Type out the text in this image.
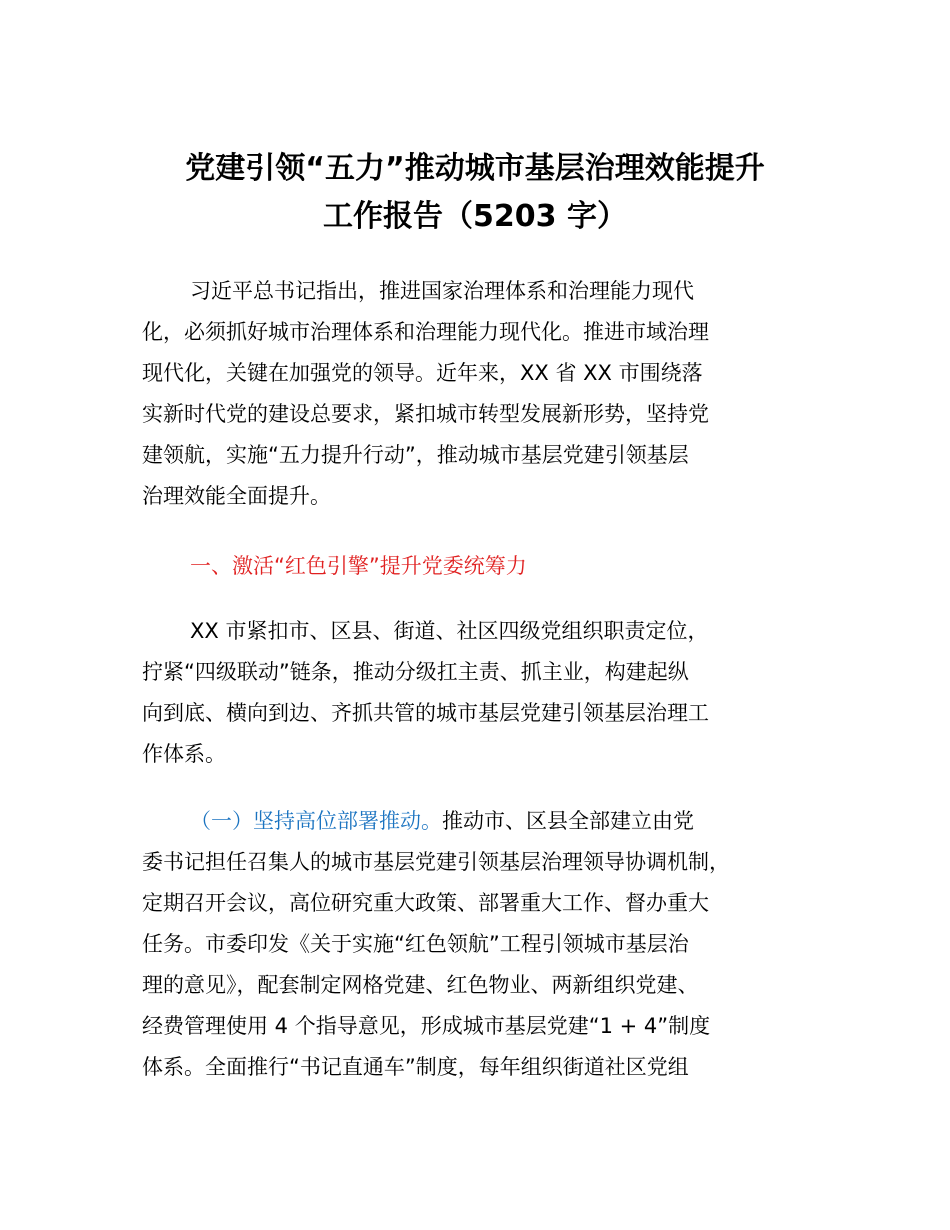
党建引领“五力”推动城市基层治理效能提升
工作报告（5203 字）
习近平总书记指出，推进国家治理体系和治理能力现代
化，必须抓好城市治理体系和治理能力现代化。推进市域治理
现代化，关键在加强党的领导。近年来，XX 省 XX 市围绕落
实新时代党的建设总要求，紧扣城市转型发展新形势，坚持党
建领航，实施“五力提升行动”，推动城市基层党建引领基层
治理效能全面提升。
一、激活“红色引擎”提升党委统筹力
XX 市紧扣市、区县、街道、社区四级党组织职责定位，
拧紧“四级联动”链条，推动分级扛主责、抓主业，构建起纵
向到底、横向到边、齐抓共管的城市基层党建引领基层治理工
作体系。
（一）坚持高位部署推动。推动市、区县全部建立由党
委书记担任召集人的城市基层党建引领基层治理领导协调机制，
定期召开会议，高位研究重大政策、部署重大工作、督办重大
任务。市委印发《关于实施“红色领航”工程引领城市基层治
理的意见》，配套制定网格党建、红色物业、两新组织党建、
经费管理使用 4 个指导意见，形成城市基层党建“1 + 4”制度
体系。全面推行“书记直通车”制度，每年组织街道社区党组
